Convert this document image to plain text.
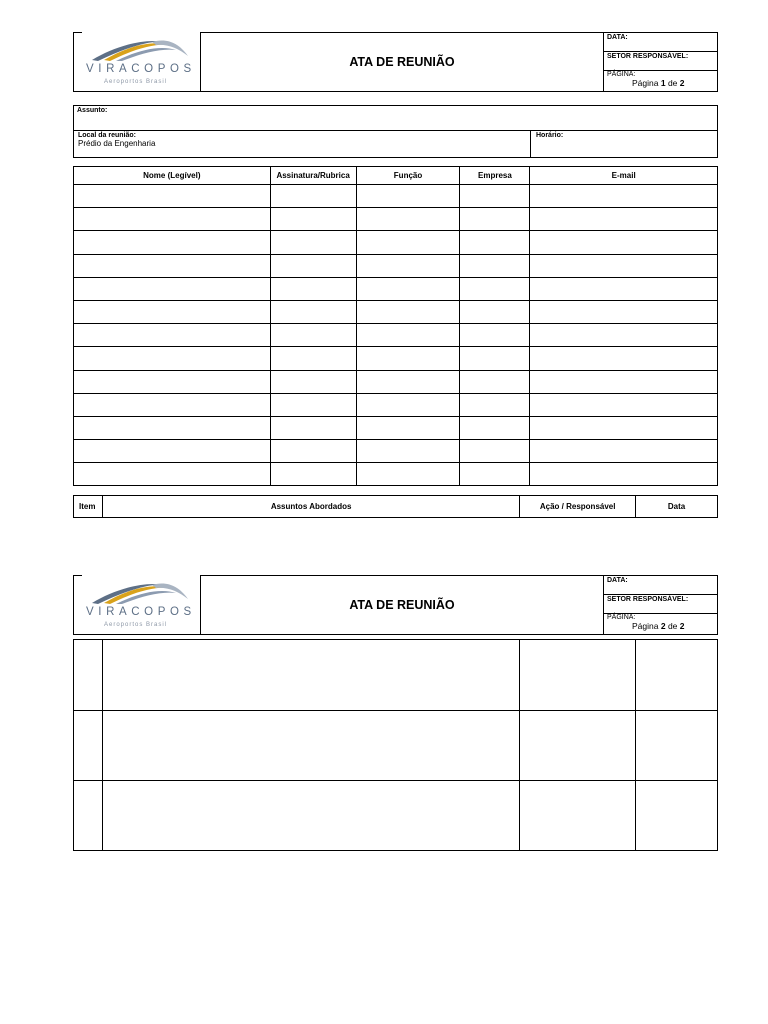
VIRACOPOS
Aeroportos Brasil
ATA DE REUNIÃO
DATA:
SETOR RESPONSÁVEL:
PÁGINA:
Página 1 de 2
Assunto:
Local da reunião:
Prédio da Engenharia
Horário:
Nome (Legível)	Assinatura/Rubrica	Função	Empresa	E-mail

Item	Assuntos Abordados	Ação / Responsável	Data
VIRACOPOS
Aeroportos Brasil
ATA DE REUNIÃO
DATA:
SETOR RESPONSÁVEL:
PÁGINA:
Página 2 de 2
